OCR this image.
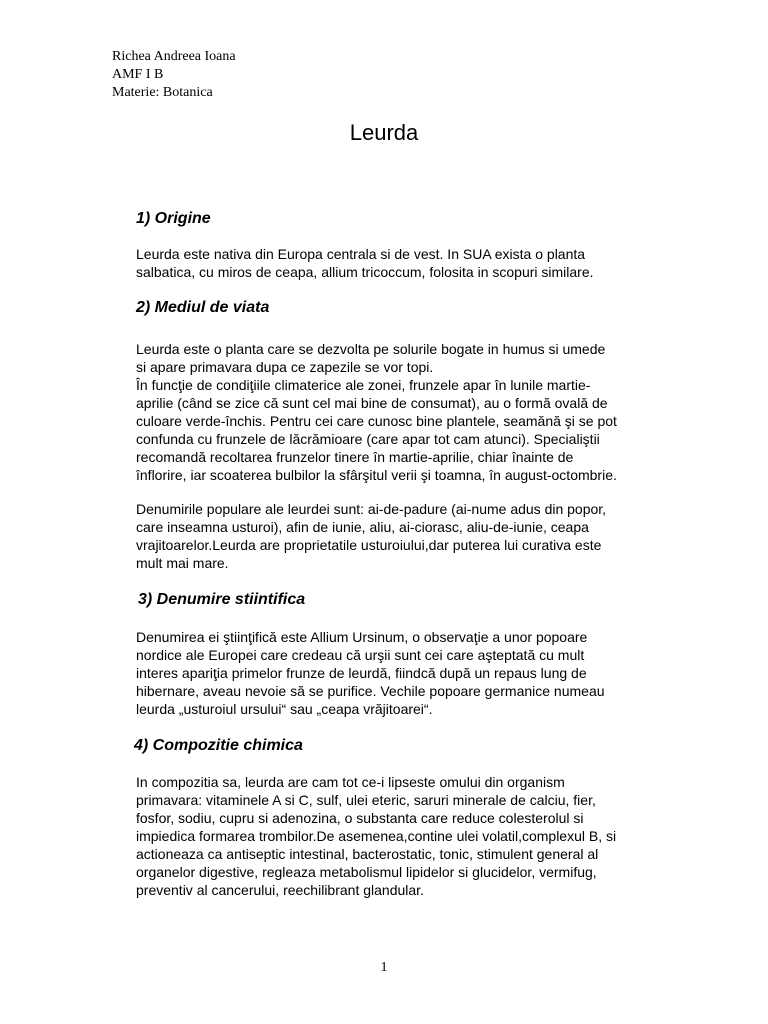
Richea Andreea Ioana
AMF I B
Materie: Botanica
Leurda
1) Origine
Leurda este nativa din Europa centrala si de vest. In SUA exista o planta
salbatica, cu miros de ceapa, allium tricoccum, folosita in scopuri similare.
2) Mediul de viata
Leurda este o planta care se dezvolta pe solurile bogate in humus si umede
si apare primavara dupa ce zapezile se vor topi.
În funcţie de condiţiile climaterice ale zonei, frunzele apar în lunile martie-
aprilie (când se zice că sunt cel mai bine de consumat), au o formă ovală de
culoare verde-închis. Pentru cei care cunosc bine plantele, seamănă şi se pot
confunda cu frunzele de lăcrămioare (care apar tot cam atunci). Specialiştii
recomandă recoltarea frunzelor tinere în martie-aprilie, chiar înainte de
înflorire, iar scoaterea bulbilor la sfârşitul verii şi toamna, în august-octombrie.
Denumirile populare ale leurdei sunt: ai-de-padure (ai-nume adus din popor,
care inseamna usturoi), afin de iunie, aliu, ai-ciorasc, aliu-de-iunie, ceapa
vrajitoarelor.Leurda are proprietatile usturoiului,dar puterea lui curativa este
mult mai mare.
3) Denumire stiintifica
Denumirea ei ştiinţifică este Allium Ursinum, o observaţie a unor popoare
nordice ale Europei care credeau că urşii sunt cei care aşteptată cu mult
interes apariţia primelor frunze de leurdă, fiindcă după un repaus lung de
hibernare, aveau nevoie să se purifice. Vechile popoare germanice numeau
leurda „usturoiul ursului“ sau „ceapa vrăjitoarei“.
4) Compozitie chimica
In compozitia sa, leurda are cam tot ce-i lipseste omului din organism
primavara: vitaminele A si C, sulf, ulei eteric, saruri minerale de calciu, fier,
fosfor, sodiu, cupru si adenozina, o substanta care reduce colesterolul si
impiedica formarea trombilor.De asemenea,contine ulei volatil,complexul B, si
actioneaza ca antiseptic intestinal, bacterostatic, tonic, stimulent general al
organelor digestive, regleaza metabolismul lipidelor si glucidelor, vermifug,
preventiv al cancerului, reechilibrant glandular.
1
